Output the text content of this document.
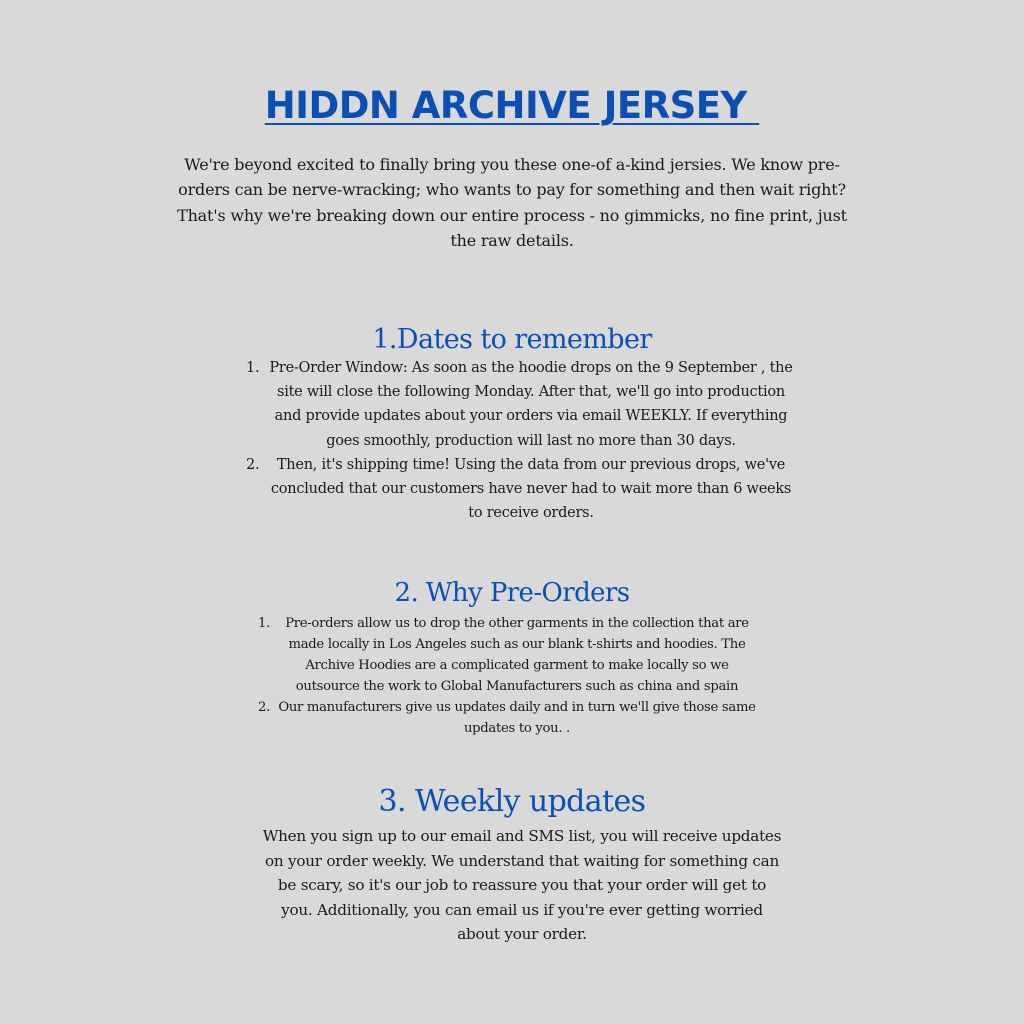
HIDDN ARCHIVE JERSEY

We're beyond excited to finally bring you these one-of a-kind jersies. We know pre-orders can be nerve-wracking; who wants to pay for something and then wait right? That's why we're breaking down our entire process - no gimmicks, no fine print, just the raw details.

1.Dates to remember
1. Pre-Order Window: As soon as the hoodie drops on the 9 September , the site will close the following Monday. After that, we'll go into production and provide updates about your orders via email WEEKLY. If everything goes smoothly, production will last no more than 30 days.
2. Then, it's shipping time! Using the data from our previous drops, we've concluded that our customers have never had to wait more than 6 weeks to receive orders.
2. Why Pre-Orders
1. Pre-orders allow us to drop the other garments in the collection that are made locally in Los Angeles such as our blank t-shirts and hoodies. The Archive Hoodies are a complicated garment to make locally so we outsource the work to Global Manufacturers such as china and spain
2. Our manufacturers give us updates daily and in turn we'll give those same updates to you. .
3. Weekly updates

When you sign up to our email and SMS list, you will receive updates on your order weekly. We understand that waiting for something can be scary, so it's our job to reassure you that your order will get to you. Additionally, you can email us if you're ever getting worried about your order.
